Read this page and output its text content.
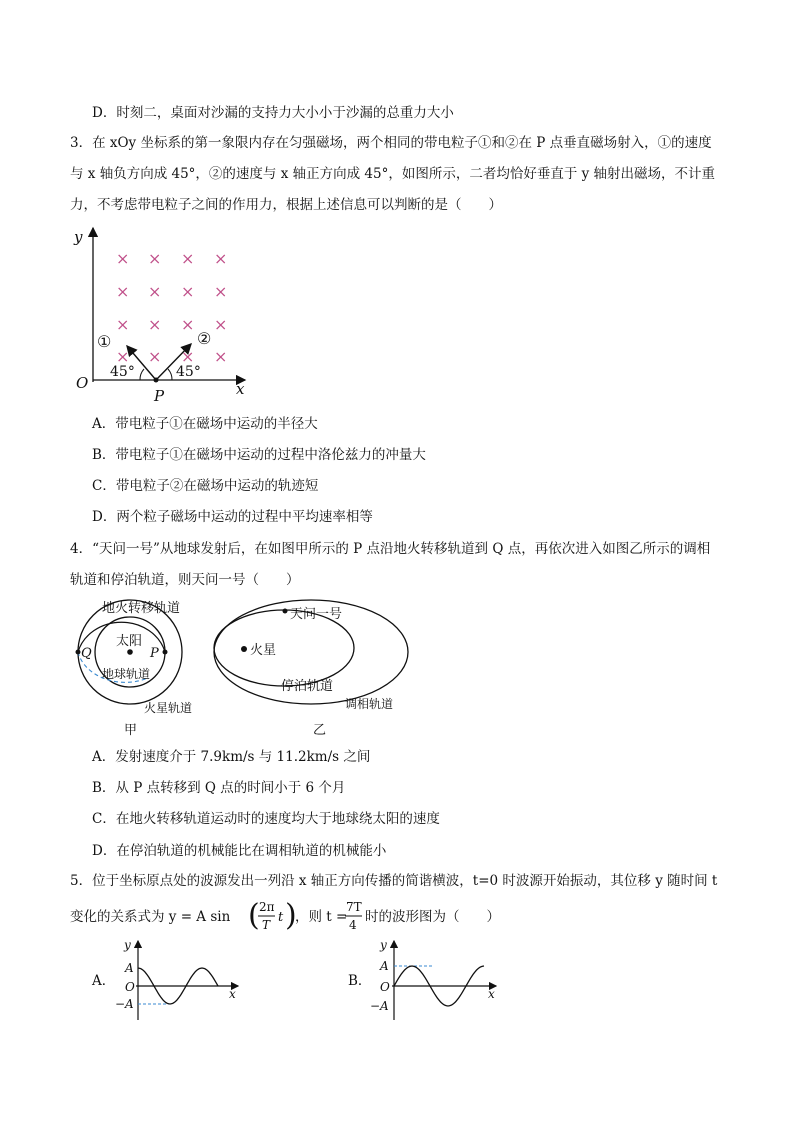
D．时刻二，桌面对沙漏的支持力大小小于沙漏的总重力大小
3．在 xOy 坐标系的第一象限内存在匀强磁场，两个相同的带电粒子①和②在 P 点垂直磁场射入，①的速度
与 x 轴负方向成 45°，②的速度与 x 轴正方向成 45°，如图所示，二者均恰好垂直于 y 轴射出磁场，不计重
力，不考虑带电粒子之间的作用力，根据上述信息可以判断的是（　　）
y
x
O
P
× × × ×
× × × ×
× × × ×
× × × ×
①	②
45°	45°
A．带电粒子①在磁场中运动的半径大
B．带电粒子①在磁场中运动的过程中洛伦兹力的冲量大
C．带电粒子②在磁场中运动的轨迹短
D．两个粒子磁场中运动的过程中平均速率相等
4．“天问一号”从地球发射后，在如图甲所示的 P 点沿地火转移轨道到 Q 点，再依次进入如图乙所示的调相
轨道和停泊轨道，则天问一号（　　）
地火转移轨道
太阳
P
Q
地球轨道
火星轨道
甲
天问一号
火星
停泊轨道
调相轨道
乙
A．发射速度介于 7.9km/s 与 11.2km/s 之间
B．从 P 点转移到 Q 点的时间小于 6 个月
C．在地火转移轨道运动时的速度均大于地球绕太阳的速度
D．在停泊轨道的机械能比在调相轨道的机械能小
5．位于坐标原点处的波源发出一列沿 x 轴正方向传播的简谐横波，t=0 时波源开始振动，其位移 y 随时间 t
变化的关系式为 y = A sin ( 2π
T t )
，则 t =
7T
4 时的波形图为（　　）
A．
y
x
A
O
−A
B．
y
x
A
O
−A
